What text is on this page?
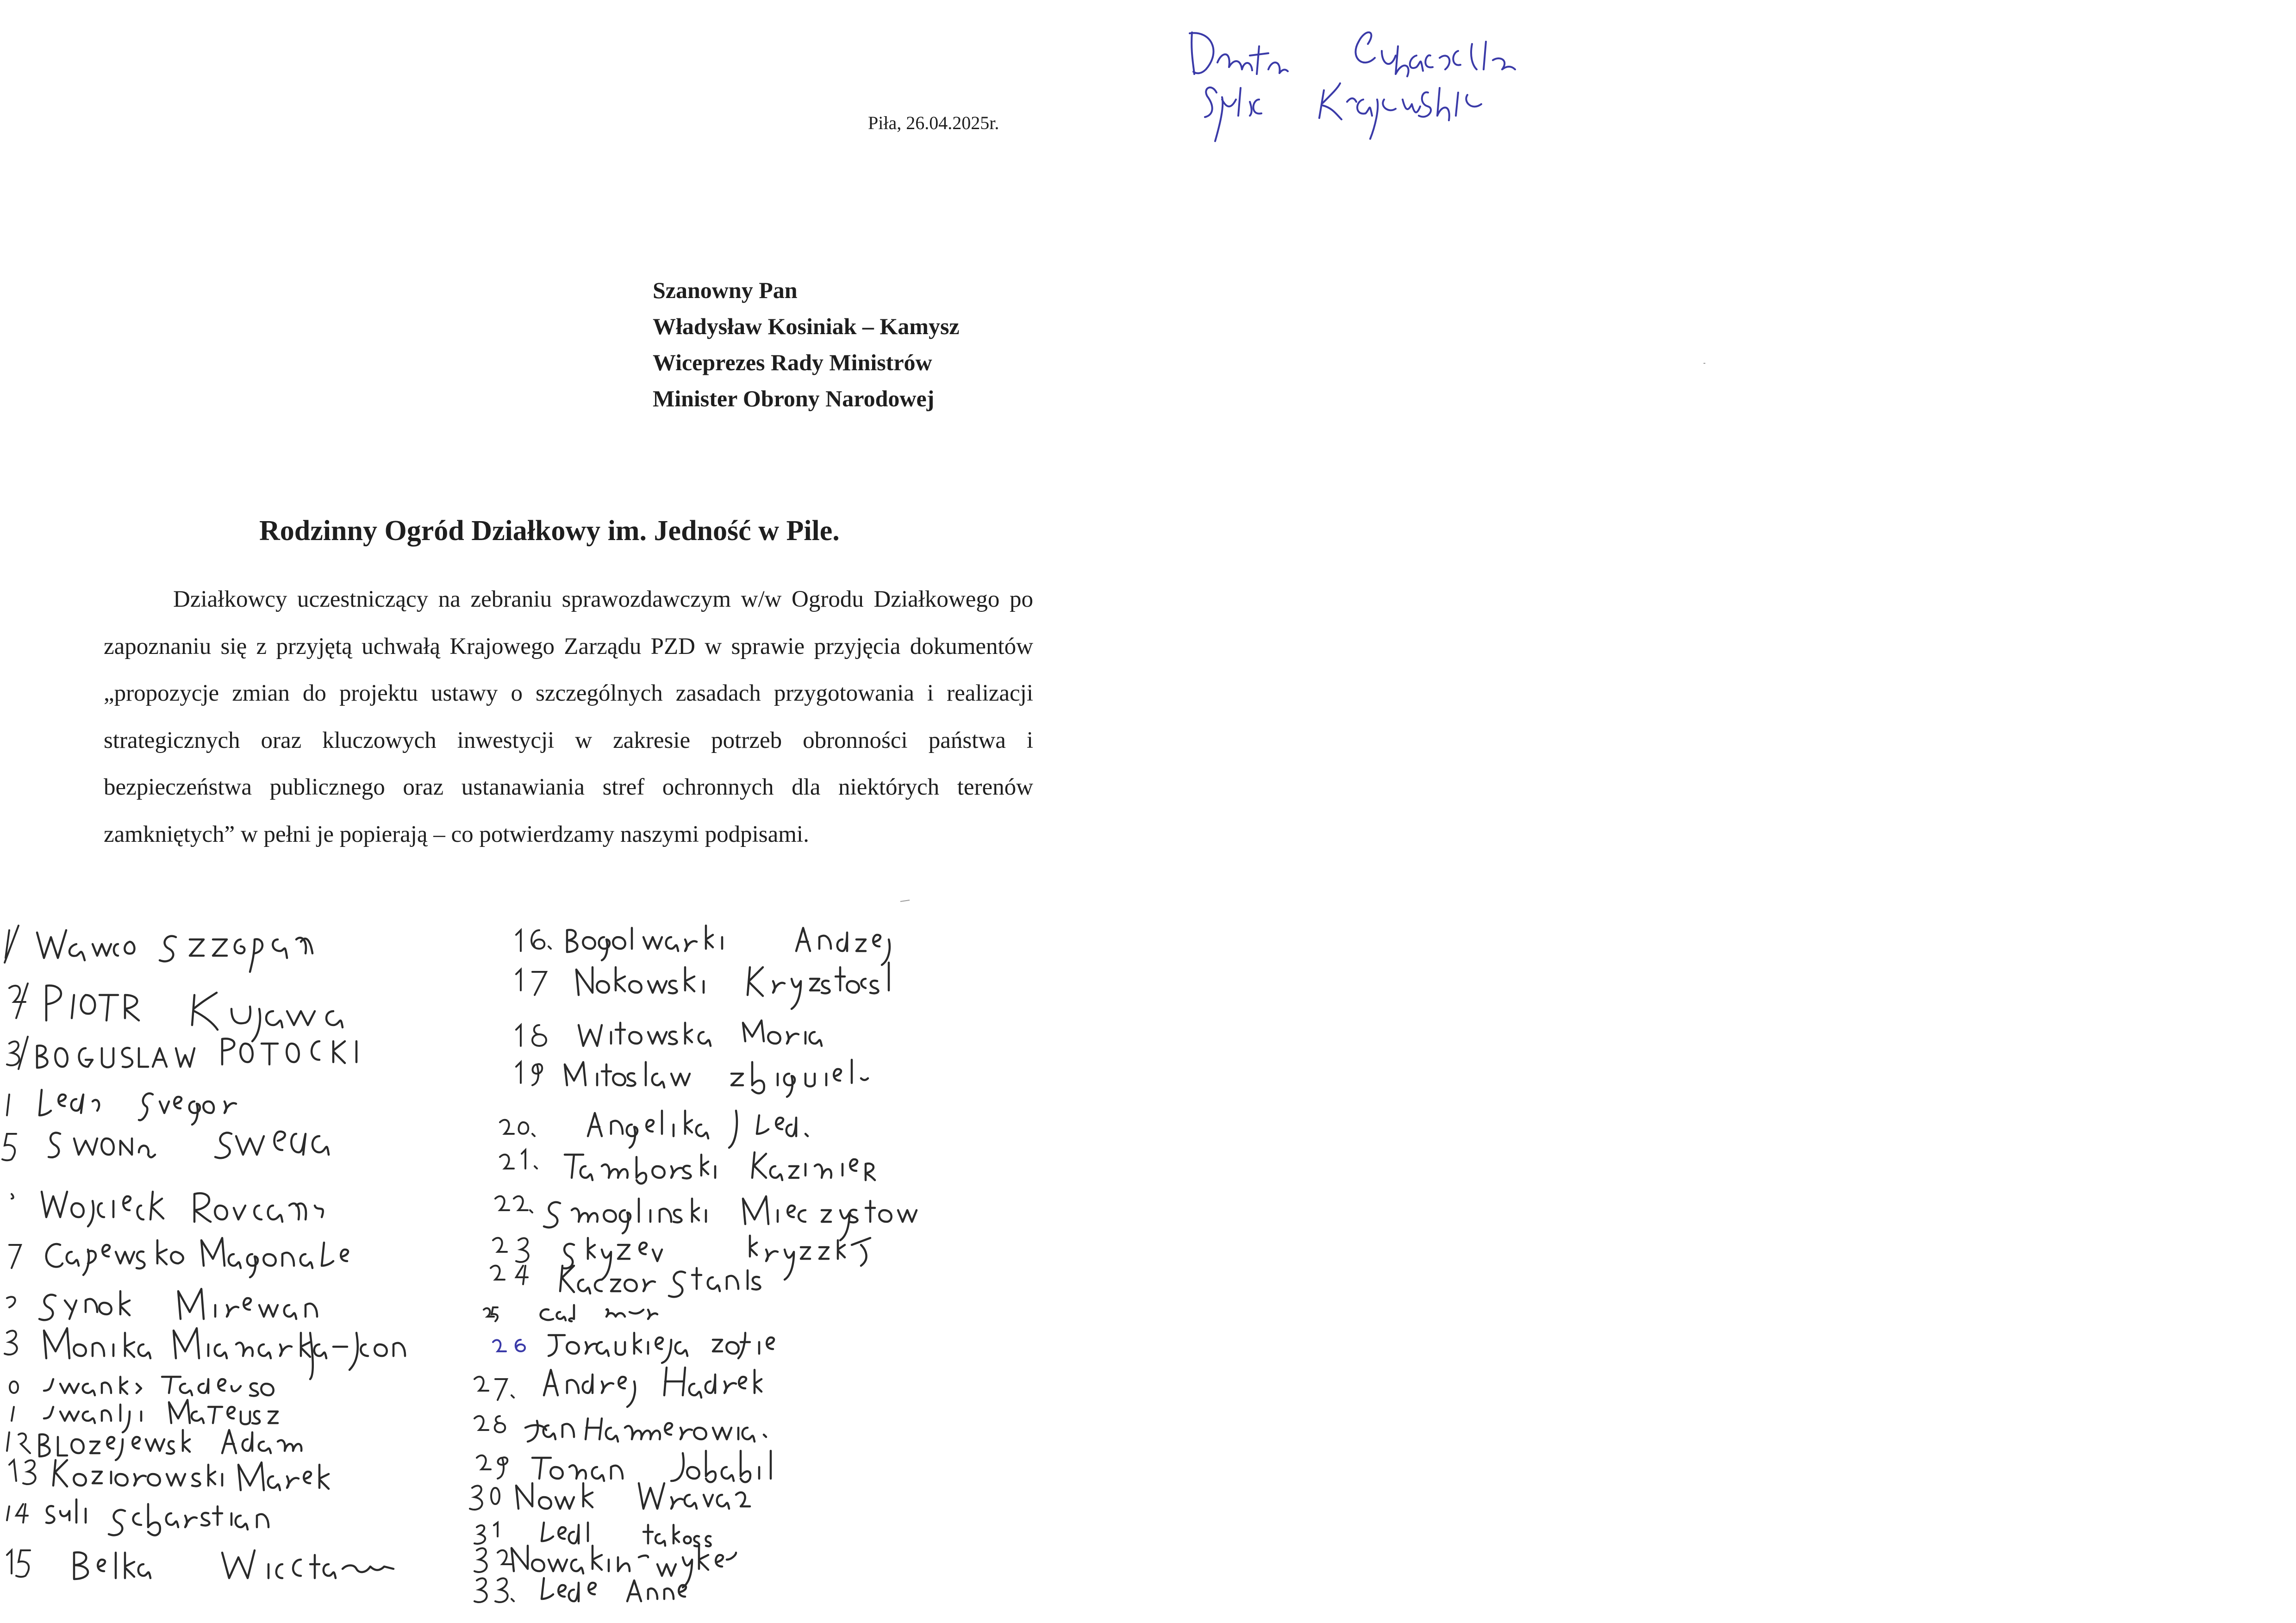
Piła, 26.04.2025r.
Szanowny Pan
Władysław Kosiniak – Kamysz
Wiceprezes Rady Ministrów
Minister Obrony Narodowej
Rodzinny Ogród Działkowy im. Jedność w Pile.

Działkowcy uczestniczący na zebraniu sprawozdawczym w/w Ogrodu Działkowego po zapoznaniu się z przyjętą uchwałą Krajowego Zarządu PZD w sprawie przyjęcia dokumentów „propozycje zmian do projektu ustawy o szczególnych zasadach przygotowania i realizacji strategicznych oraz kluczowych inwestycji w zakresie potrzeb obronności państwa i bezpieczeństwa publicznego oraz ustanawiania stref ochronnych dla niektórych terenów zamkniętych” w pełni je popierają – co potwierdzamy naszymi podpisami.
